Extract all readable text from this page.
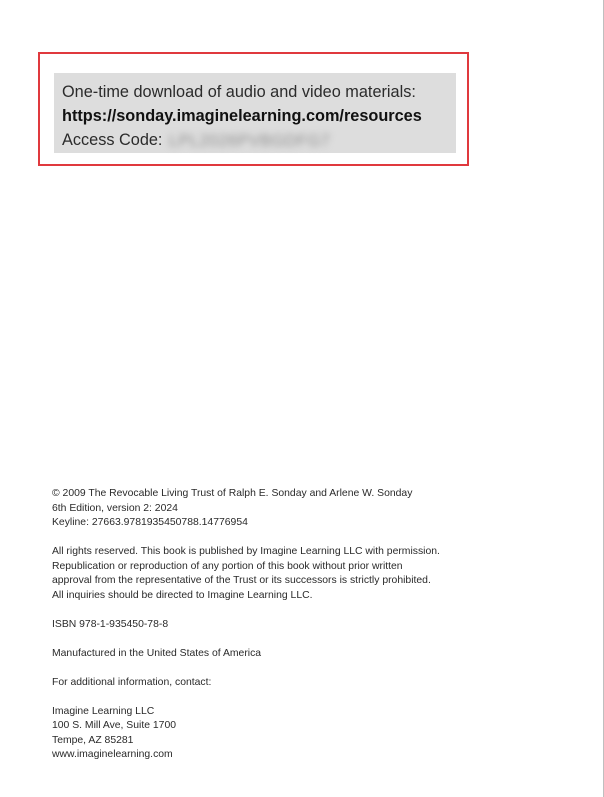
One-time download of audio and video materials:
https://sonday.imaginelearning.com/resources
Access Code: LPL2026PVBGDFG7

© 2009 The Revocable Living Trust of Ralph E. Sonday and Arlene W. Sonday

6th Edition, version 2: 2024

Keyline: 27663.9781935450788.14776954

All rights reserved. This book is published by Imagine Learning LLC with permission.

Republication or reproduction of any portion of this book without prior written

approval from the representative of the Trust or its successors is strictly prohibited.

All inquiries should be directed to Imagine Learning LLC.

ISBN 978-1-935450-78-8

Manufactured in the United States of America

For additional information, contact:

Imagine Learning LLC

100 S. Mill Ave, Suite 1700

Tempe, AZ 85281

www.imaginelearning.com
